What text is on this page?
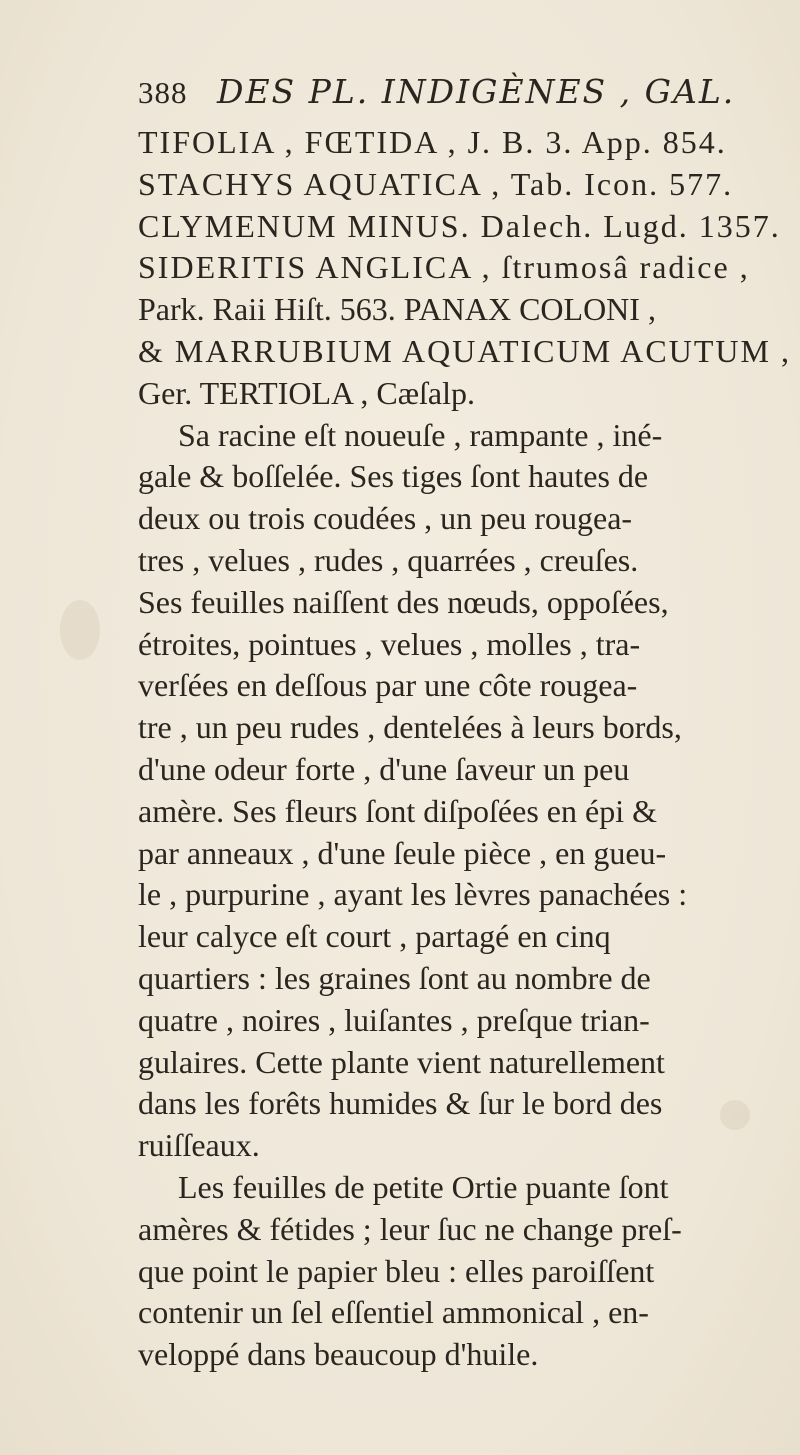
388 DES PL. INDIGÈNES , GAL.
TIFOLIA , FŒTIDA , J. B. 3. App. 854.
STACHYS AQUATICA , Tab. Icon. 577.
CLYMENUM MINUS. Dalech. Lugd. 1357.
SIDERITIS ANGLICA , ſtrumosâ radice ,
Park. Raii Hiſt. 563. PANAX COLONI ,
& MARRUBIUM AQUATICUM ACUTUM ,
Ger. TERTIOLA , Cæſalp.
Sa racine eſt noueuſe , rampante , iné-
gale & boſſelée. Ses tiges ſont hautes de
deux ou trois coudées , un peu rougea-
tres , velues , rudes , quarrées , creuſes.
Ses feuilles naiſſent des nœuds, oppoſées,
étroites, pointues , velues , molles , tra-
verſées en deſſous par une côte rougea-
tre , un peu rudes , dentelées à leurs bords,
d'une odeur forte , d'une ſaveur un peu
amère. Ses fleurs ſont diſpoſées en épi &
par anneaux , d'une ſeule pièce , en gueu-
le , purpurine , ayant les lèvres panachées :
leur calyce eſt court , partagé en cinq
quartiers : les graines ſont au nombre de
quatre , noires , luiſantes , preſque trian-
gulaires. Cette plante vient naturellement
dans les forêts humides & ſur le bord des
ruiſſeaux.
Les feuilles de petite Ortie puante ſont
amères & fétides ; leur ſuc ne change preſ-
que point le papier bleu : elles paroiſſent
contenir un ſel eſſentiel ammonical , en-
veloppé dans beaucoup d'huile.
